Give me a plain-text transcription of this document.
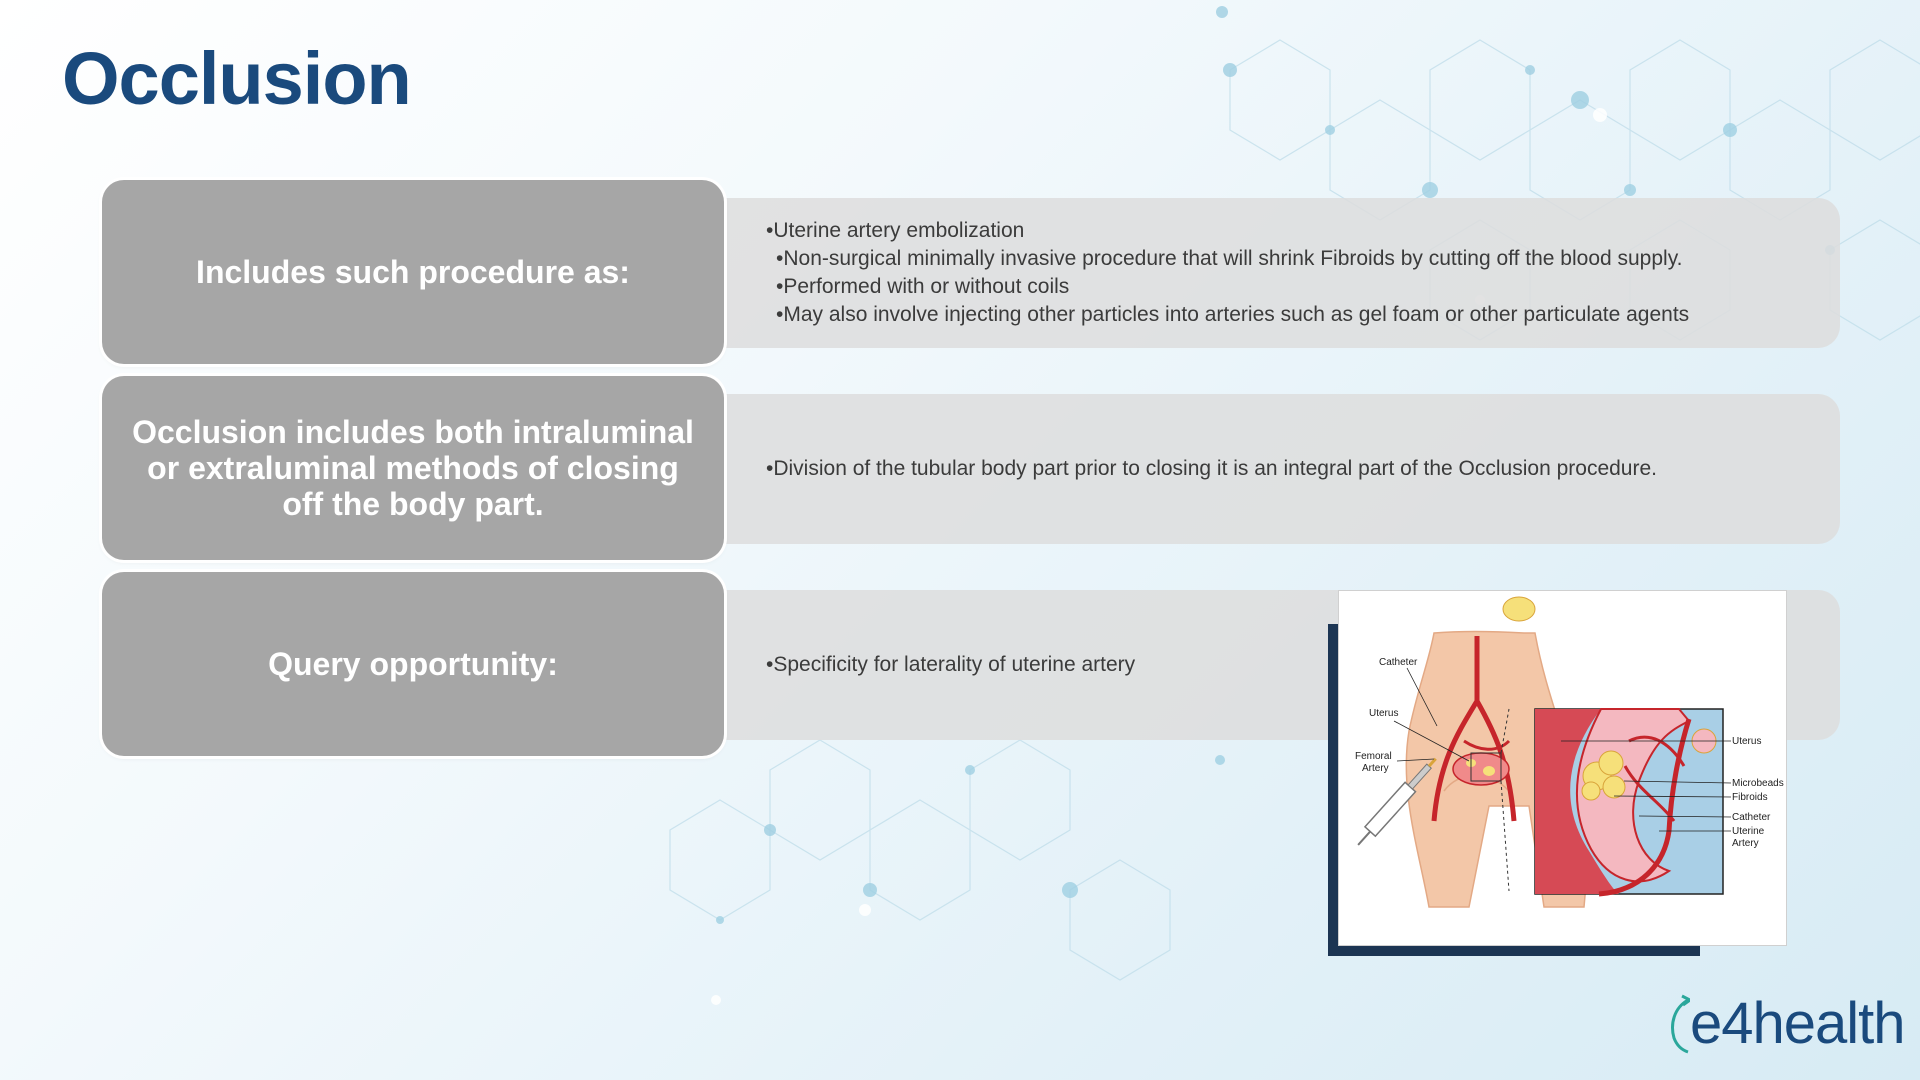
Occlusion
Includes such procedure as:
•Uterine artery embolization
•Non-surgical minimally invasive procedure that will shrink Fibroids by cutting off the blood supply.
•Performed with or without coils
•May also involve injecting other particles into arteries such as gel foam or other particulate agents
Occlusion includes both intraluminal or extraluminal methods of closing off the body part.
•Division of the tubular body part prior to closing it is an integral part of the Occlusion procedure.
Query opportunity:	•Specificity for laterality of uterine artery	Catheter
Uterus
Femoral
Artery
Uterus
Microbeads
Fibroids
Catheter
Uterine
Artery
e4health
